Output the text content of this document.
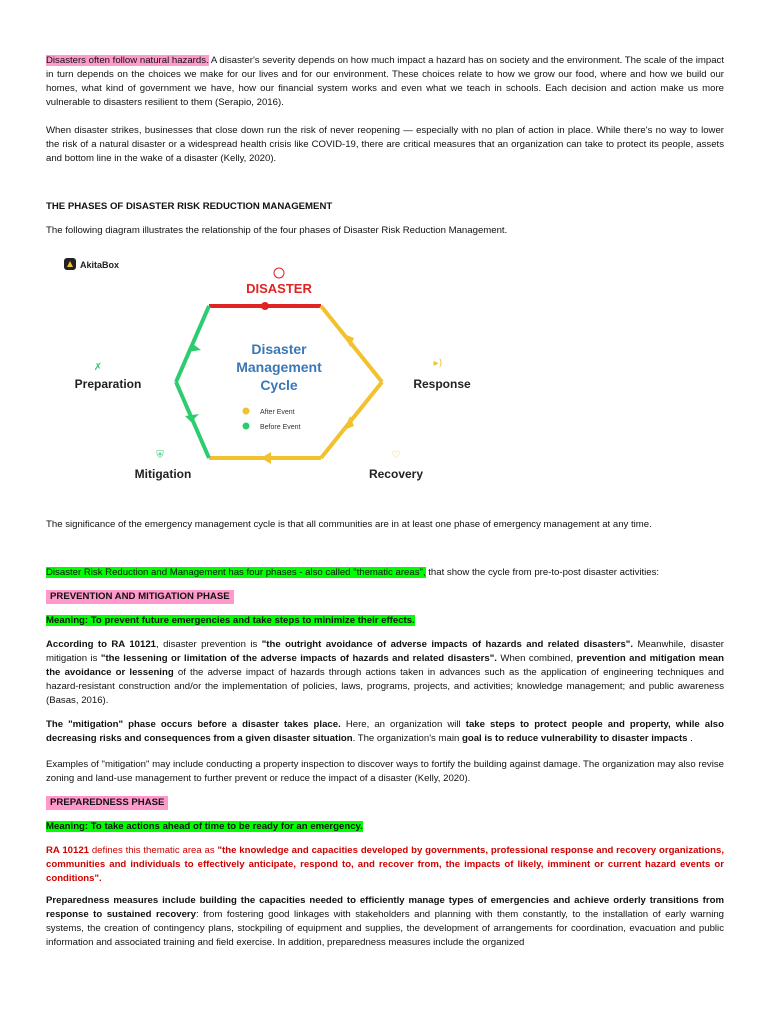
Disasters often follow natural hazards. A disaster's severity depends on how much impact a hazard has on society and the environment. The scale of the impact in turn depends on the choices we make for our lives and for our environment. These choices relate to how we grow our food, where and how we build our homes, what kind of government we have, how our financial system works and even what we teach in schools. Each decision and action make us more vulnerable to disasters resilient to them (Serapio, 2016).

When disaster strikes, businesses that close down run the risk of never reopening — especially with no plan of action in place. While there's no way to lower the risk of a natural disaster or a widespread health crisis like COVID-19, there are critical measures that an organization can take to protect its people, assets and bottom line in the wake of a disaster (Kelly, 2020).

THE PHASES OF DISASTER RISK REDUCTION MANAGEMENT

The following diagram illustrates the relationship of the four phases of Disaster Risk Reduction Management.

AkitaBox
DISASTER
▸)
Response
♡
Recovery
⛨
Mitigation
✗
Preparation
Disaster
Management
Cycle
After Event
Before Event

The significance of the emergency management cycle is that all communities are in at least one phase of emergency management at any time.

Disaster Risk Reduction and Management has four phases - also called "thematic areas", that show the cycle from pre-to-post disaster activities:

PREVENTION AND MITIGATION PHASE

Meaning: To prevent future emergencies and take steps to minimize their effects.

According to RA 10121, disaster prevention is "the outright avoidance of adverse impacts of hazards and related disasters". Meanwhile, disaster mitigation is "the lessening or limitation of the adverse impacts of hazards and related disasters". When combined, prevention and mitigation mean the avoidance or lessening of the adverse impact of hazards through actions taken in advances such as the application of engineering techniques and hazard-resistant construction and/or the implementation of policies, laws, programs, projects, and activities; knowledge management; and public awareness (Basas, 2016).

The "mitigation" phase occurs before a disaster takes place. Here, an organization will take steps to protect people and property, while also decreasing risks and consequences from a given disaster situation. The organization's main goal is to reduce vulnerability to disaster impacts .

Examples of "mitigation" may include conducting a property inspection to discover ways to fortify the building against damage. The organization may also revise zoning and land-use management to further prevent or reduce the impact of a disaster (Kelly, 2020).

PREPAREDNESS PHASE

Meaning: To take actions ahead of time to be ready for an emergency.

RA 10121 defines this thematic area as "the knowledge and capacities developed by governments, professional response and recovery organizations, communities and individuals to effectively anticipate, respond to, and recover from, the impacts of likely, imminent or current hazard events or conditions".

Preparedness measures include building the capacities needed to efficiently manage types of emergencies and achieve orderly transitions from response to sustained recovery: from fostering good linkages with stakeholders and planning with them constantly, to the installation of early warning systems, the creation of contingency plans, stockpiling of equipment and supplies, the development of arrangements for coordination, evacuation and public information and associated training and field exercise. In addition, preparedness measures include the organized
